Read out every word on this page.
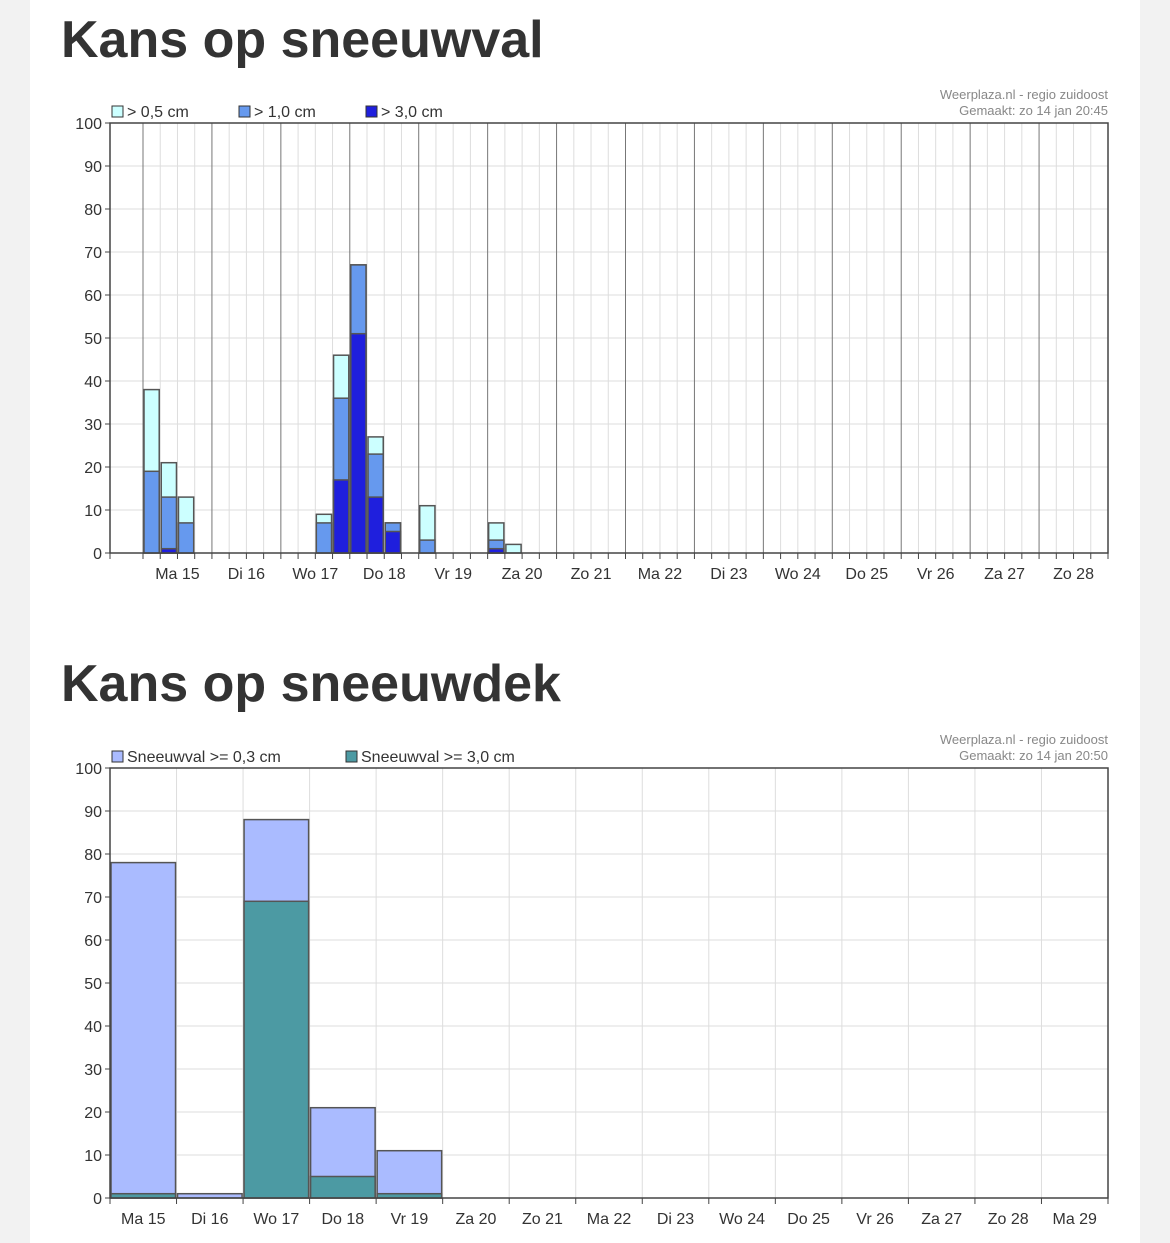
Kans op sneeuwval
0
10
20
30
40
50
60
70
80
90
100
Ma 15 Di 16 Wo 17 Do 18 Vr 19 Za 20 Zo 21 Ma 22 Di 23 Wo 24 Do 25 Vr 26 Za 27 Zo 28
> 0,5 cm	> 1,0 cm	> 3,0 cm
Weerplaza.nl - regio zuidoost
Gemaakt: zo 14 jan 20:45
Kans op sneeuwdek
0
10
20
30
40
50
60
70
80
90
100
Ma 15 Di 16 Wo 17 Do 18 Vr 19 Za 20 Zo 21 Ma 22 Di 23 Wo 24 Do 25 Vr 26 Za 27 Zo 28 Ma 29
Sneeuwval >= 0,3 cm	Sneeuwval >= 3,0 cm
Weerplaza.nl - regio zuidoost
Gemaakt: zo 14 jan 20:50
